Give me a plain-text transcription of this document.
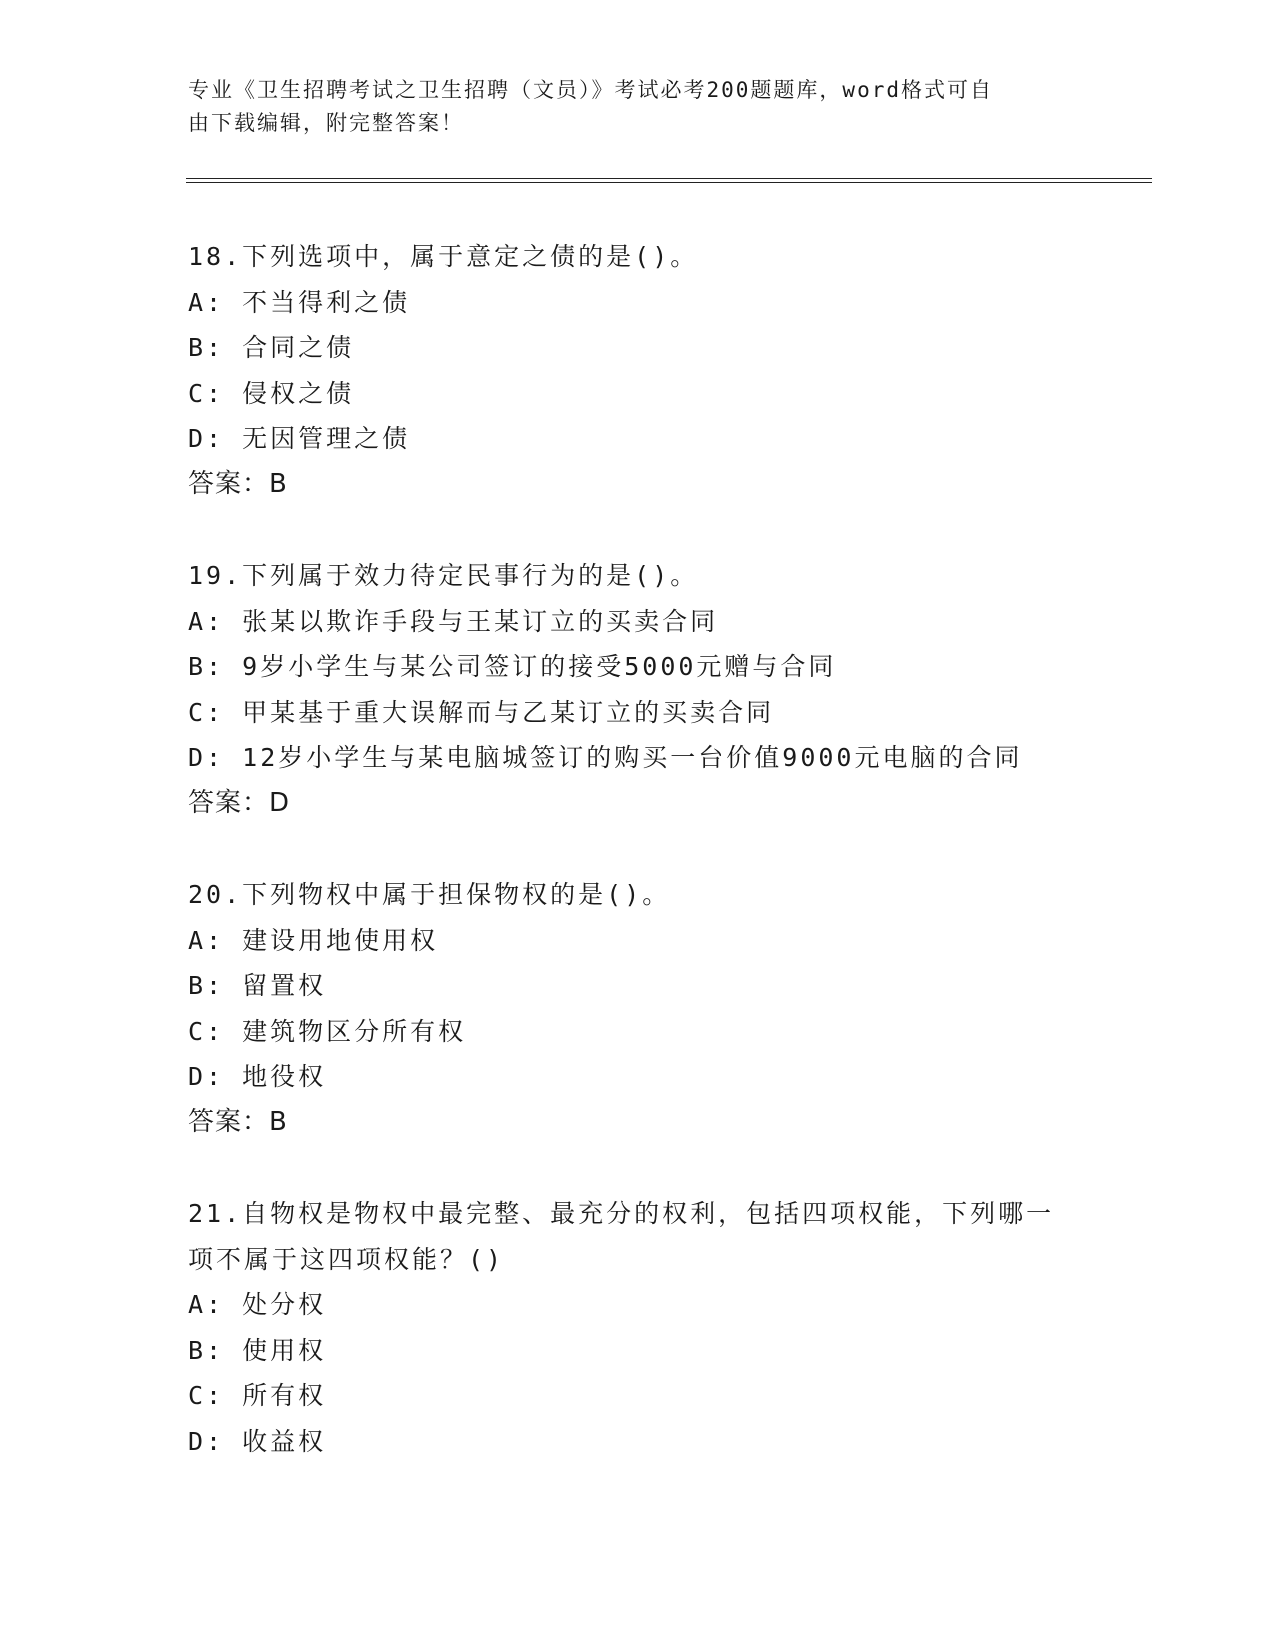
专业《卫生招聘考试之卫生招聘（文员）》考试必考200题题库，word格式可自
由下载编辑，附完整答案！
18.下列选项中，属于意定之债的是()。
A: 不当得利之债
B: 合同之债
C: 侵权之债
D: 无因管理之债
答案：B
19.下列属于效力待定民事行为的是()。
A: 张某以欺诈手段与王某订立的买卖合同
B: 9岁小学生与某公司签订的接受5000元赠与合同
C: 甲某基于重大误解而与乙某订立的买卖合同
D: 12岁小学生与某电脑城签订的购买一台价值9000元电脑的合同
答案：D
20.下列物权中属于担保物权的是()。
A: 建设用地使用权
B: 留置权
C: 建筑物区分所有权
D: 地役权
答案：B
21.自物权是物权中最完整、最充分的权利，包括四项权能，下列哪一
项不属于这四项权能？()
A: 处分权
B: 使用权
C: 所有权
D: 收益权
